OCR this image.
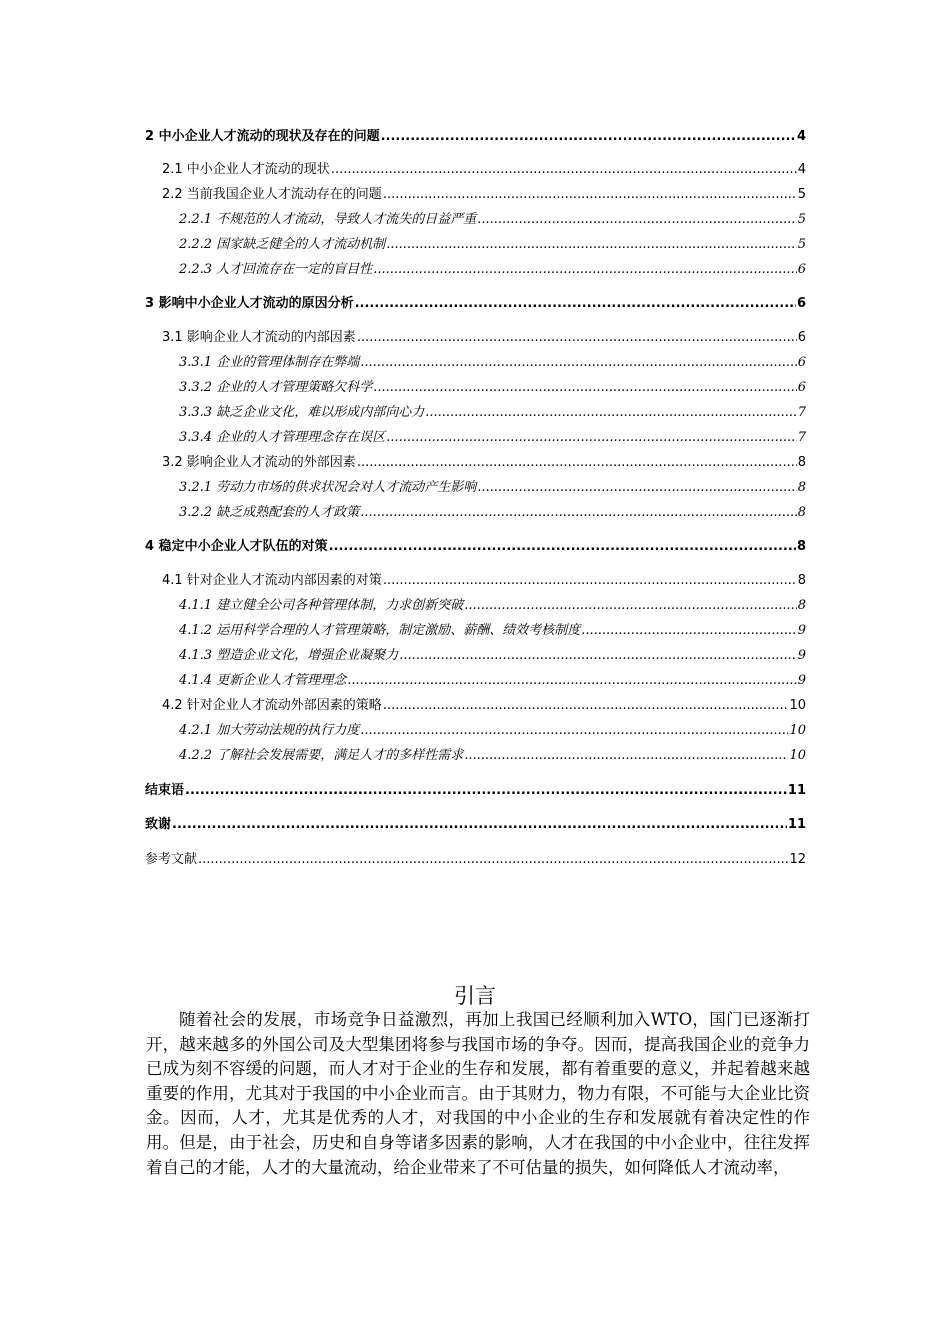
2 中小企业人才流动的现状及存在的问题 .....	4
2.1 中小企业人才流动的现状 .....	4
2.2 当前我国企业人才流动存在的问题 .....	5
2.2.1 不规范的人才流动，导致人才流失的日益严重 .....	5
2.2.2 国家缺乏健全的人才流动机制 .....	5
2.2.3 人才回流存在一定的盲目性 .....	6
3 影响中小企业人才流动的原因分析 .....	6
3.1 影响企业人才流动的内部因素 .....	6
3.3.1 企业的管理体制存在弊端 .....	6
3.3.2 企业的人才管理策略欠科学 .....	6
3.3.3 缺乏企业文化，难以形成内部向心力 .....	7
3.3.4 企业的人才管理理念存在误区 .....	7
3.2 影响企业人才流动的外部因素 .....	8
3.2.1 劳动力市场的供求状况会对人才流动产生影响 .....	8
3.2.2 缺乏成熟配套的人才政策 .....	8
4 稳定中小企业人才队伍的对策 .....	8
4.1 针对企业人才流动内部因素的对策 .....	8
4.1.1 建立健全公司各种管理体制，力求创新突破 .....	8
4.1.2 运用科学合理的人才管理策略，制定激励、薪酬、绩效考核制度 .....	9
4.1.3 塑造企业文化，增强企业凝聚力 .....	9
4.1.4 更新企业人才管理理念 .....	9
4.2 针对企业人才流动外部因素的策略 .....	10
4.2.1 加大劳动法规的执行力度 .....	10
4.2.2 了解社会发展需要，满足人才的多样性需求 .....	10
结束语 .....	11
致谢 .....	11
参考文献 .....	12
引言

随着社会的发展，市场竞争日益激烈，再加上我国已经顺利加入WTO，国门已逐渐打开，越来越多的外国公司及大型集团将参与我国市场的争夺。因而，提高我国企业的竞争力已成为刻不容缓的问题，而人才对于企业的生存和发展，都有着重要的意义，并起着越来越重要的作用，尤其对于我国的中小企业而言。由于其财力，物力有限，不可能与大企业比资金。因而，人才，尤其是优秀的人才，对我国的中小企业的生存和发展就有着决定性的作用。但是，由于社会，历史和自身等诸多因素的影响，人才在我国的中小企业中，往往发挥着自己的才能，人才的大量流动，给企业带来了不可估量的损失，如何降低人才流动率，
